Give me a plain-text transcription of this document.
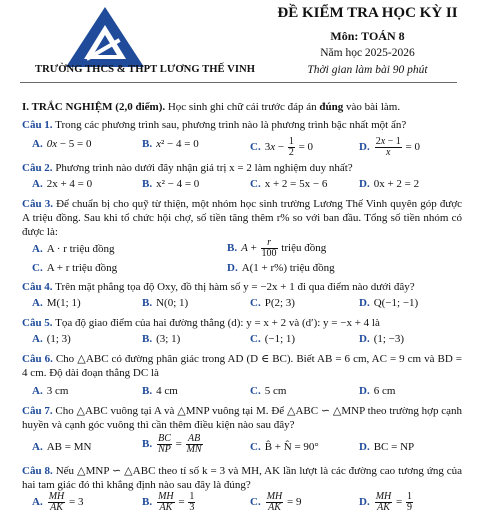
TRƯỜNG THCS & THPT LƯƠNG THẾ VINH
ĐỀ KIỂM TRA HỌC KỲ II
Môn: TOÁN 8
Năm học 2025-2026
Thời gian làm bài 90 phút
I. TRẮC NGHIỆM (2,0 điểm). Học sinh ghi chữ cái trước đáp án đúng vào bài làm.
Câu 1. Trong các phương trình sau, phương trình nào là phương trình bậc nhất một ẩn?
A. 0x − 5 = 0	B. x² − 4 = 0	C. $3x - \frac{1}{2} = 0$	D. $\frac{2x - 1}{x} = 0$
Câu 2. Phương trình nào dưới đây nhận giá trị x = 2 làm nghiệm duy nhất?
A. 2x + 4 = 0	B. x² − 4 = 0	C. x + 2 = 5x − 6	D. 0x + 2 = 2
Câu 3. Để chuẩn bị cho quỹ từ thiện, một nhóm học sinh trường Lương Thế Vinh quyên góp được A triệu đồng. Sau khi tổ chức hội chợ, số tiền tăng thêm r% so với ban đầu. Tổng số tiền nhóm có được là:
A. A · r triệu đồng	B. $A + \frac{r}{100}$ triệu đồng
C. A + r triệu đồng	D. A(1 + r%) triệu đồng
Câu 4. Trên mặt phẳng tọa độ Oxy, đồ thị hàm số y = −2x + 1 đi qua điểm nào dưới đây?
A. M(1; 1)	B. N(0; 1)	C. P(2; 3)	D. Q(−1; −1)
Câu 5. Tọa độ giao điểm của hai đường thẳng (d): y = x + 2 và (d′): y = −x + 4 là
A. (1; 3)	B. (3; 1)	C. (−1; 1)	D. (1; −3)
Câu 6. Cho △ABC có đường phân giác trong AD (D ∈ BC). Biết AB = 6 cm, AC = 9 cm và BD = 4 cm. Độ dài đoạn thẳng DC là
A. 3 cm	B. 4 cm	C. 5 cm	D. 6 cm
Câu 7. Cho △ABC vuông tại A và △MNP vuông tại M. Để △ABC ∽ △MNP theo trường hợp cạnh huyền và cạnh góc vuông thì cần thêm điều kiện nào sau đây?
A. AB = MN	B. $\frac{BC}{NP} = \frac{AB}{MN}$	C. B̂ + N̂ = 90°	D. BC = NP
Câu 8. Nếu △MNP ∽ △ABC theo tỉ số k = 3 và MH, AK lần lượt là các đường cao tương ứng của hai tam giác đó thì khẳng định nào sau đây là đúng?
A. $\frac{MH}{AK} = 3$	B. $\frac{MH}{AK} = \frac{1}{3}$	C. $\frac{MH}{AK} = 9$	D. $\frac{MH}{AK} = \frac{1}{9}$
